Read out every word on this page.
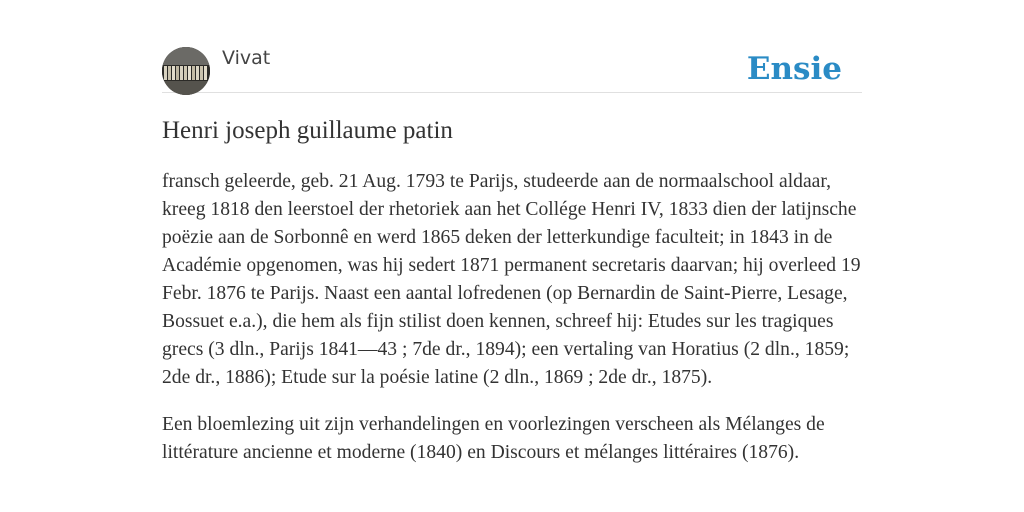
Vivat	Ensie
Henri joseph guillaume patin

fransch geleerde, geb. 21 Aug. 1793 te Parijs, studeerde aan de normaalschool aldaar, kreeg 1818 den leerstoel der rhetoriek aan het Collége Henri IV, 1833 dien der latijnsche poëzie aan de Sorbonnê en werd 1865 deken der letterkundige faculteit; in 1843 in de Académie opgenomen, was hij sedert 1871 permanent secretaris daarvan; hij overleed 19 Febr. 1876 te Parijs. Naast een aantal lofredenen (op Bernardin de Saint-Pierre, Lesage, Bossuet e.a.), die hem als fijn stilist doen kennen, schreef hij: Etudes sur les tragiques grecs (3 dln., Parijs 1841—43 ; 7de dr., 1894); een vertaling van Horatius (2 dln., 1859; 2de dr., 1886); Etude sur la poésie latine (2 dln., 1869 ; 2de dr., 1875).

Een bloemlezing uit zijn verhandelingen en voorlezingen verscheen als Mélanges de littérature ancienne et moderne (1840) en Discours et mélanges littéraires (1876).
